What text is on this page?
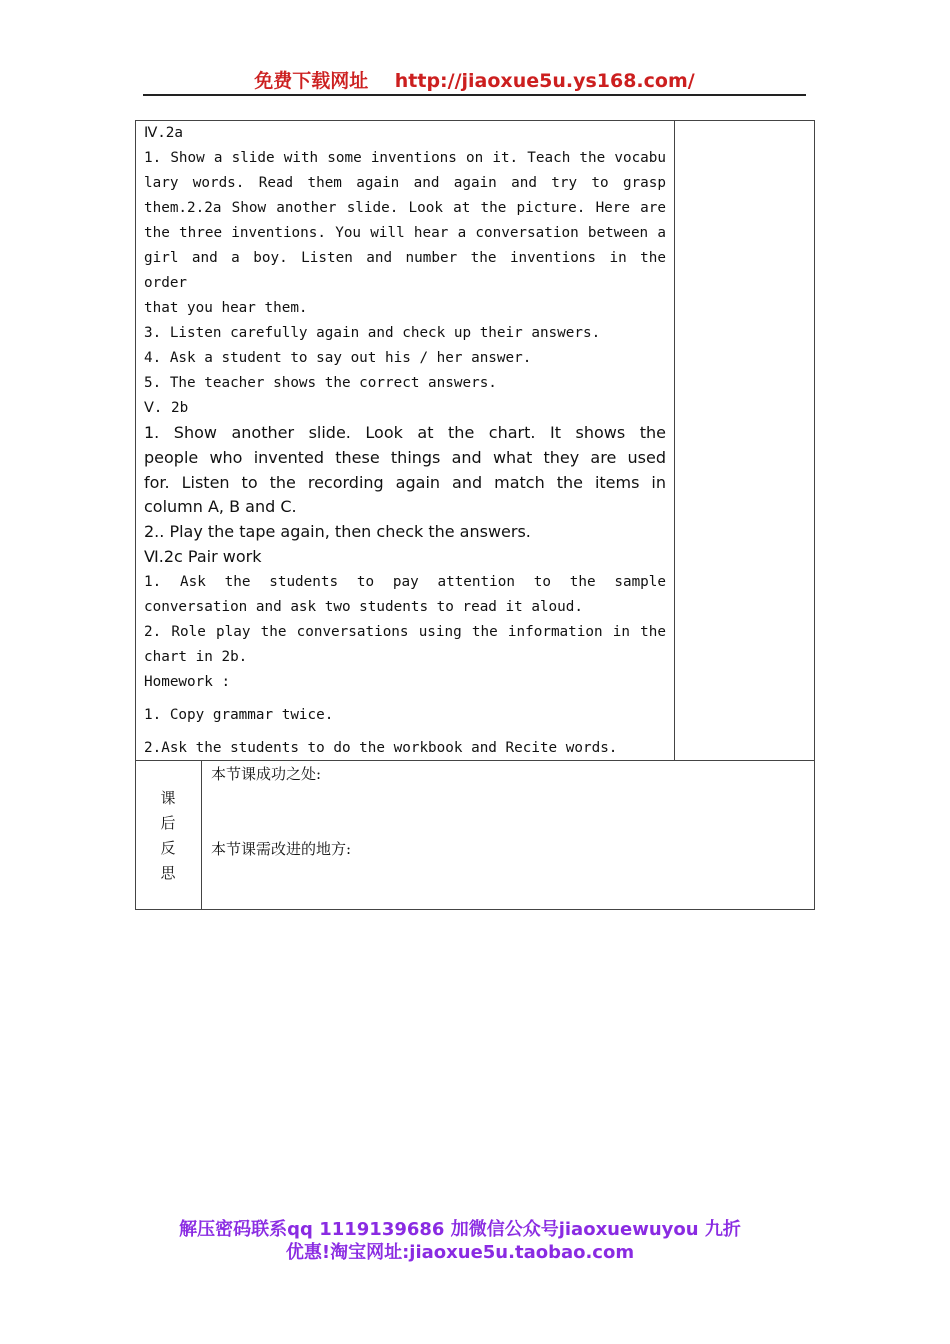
免费下载网址 http://jiaoxue5u.ys168.com/

Ⅳ.2a

1. Show a slide with some inventions on it. Teach the vocabu

lary words. Read them again and again and try to grasp

them.2.2a Show another slide. Look at the picture. Here are

the three inventions. You will hear a conversation between a

girl and a boy. Listen and number the inventions in the order

that you hear them.

3. Listen carefully again and check up their answers.

4. Ask a student to say out his / her answer.

5. The teacher shows the correct answers.

Ⅴ. 2b

1. Show another slide. Look at the chart. It shows the

people who invented these things and what they are used

for. Listen to the recording again and match the items in

column A, B and C.

2.. Play the tape again, then check the answers.

Ⅵ.2c Pair work

1. Ask the students to pay attention to the sample

conversation and ask two students to read it aloud.

2. Role play the conversations using the information in the

chart in 2b.

Homework :

1. Copy grammar twice.

2.Ask the students to do the workbook and Recite words.

课
后
反
思
本节课成功之处:
本节课需改进的地方:
解压密码联系qq 1119139686 加微信公众号jiaoxuewuyou 九折
优惠!淘宝网址:jiaoxue5u.taobao.com
